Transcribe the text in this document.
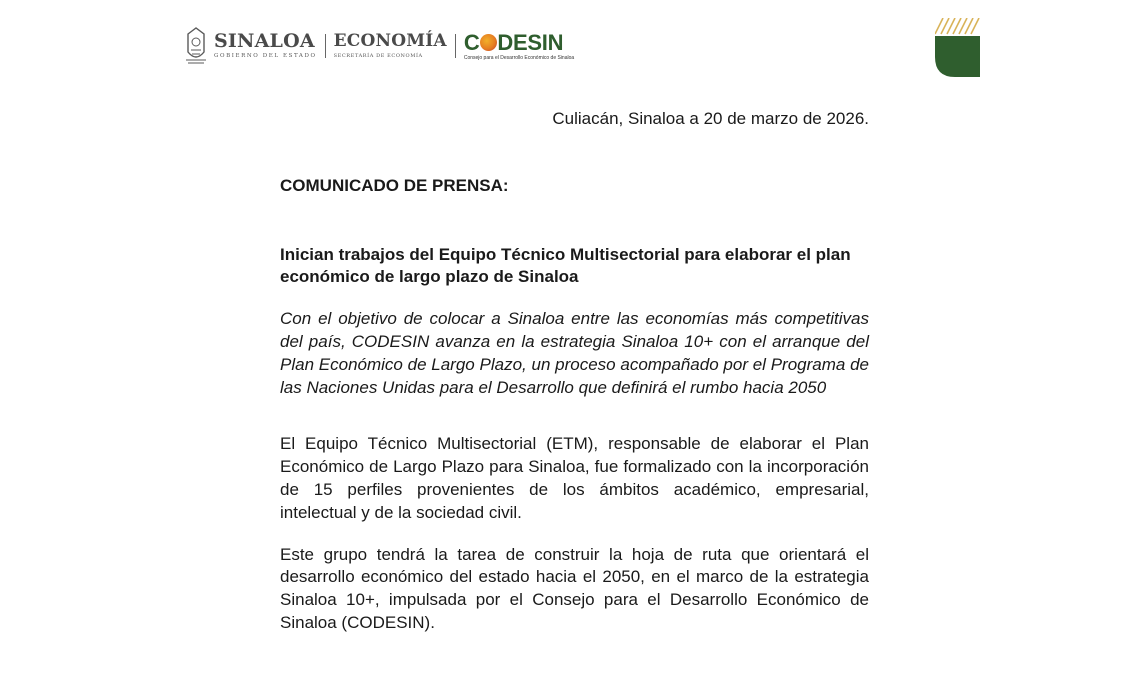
SINALOA
GOBIERNO DEL ESTADO
ECONOMÍA
SECRETARÍA DE ECONOMÍA
C DESIN
Consejo para el Desarrollo Económico de Sinaloa

Culiacán, Sinaloa a 20 de marzo de 2026.

COMUNICADO DE PRENSA:

Inician trabajos del Equipo Técnico Multisectorial para elaborar el plan económico de largo plazo de Sinaloa

Con el objetivo de colocar a Sinaloa entre las economías más competitivas del país, CODESIN avanza en la estrategia Sinaloa 10+ con el arranque del Plan Económico de Largo Plazo, un proceso acompañado por el Programa de las Naciones Unidas para el Desarrollo que definirá el rumbo hacia 2050

El Equipo Técnico Multisectorial (ETM), responsable de elaborar el Plan Económico de Largo Plazo para Sinaloa, fue formalizado con la incorporación de 15 perfiles provenientes de los ámbitos académico, empresarial, intelectual y de la sociedad civil.

Este grupo tendrá la tarea de construir la hoja de ruta que orientará el desarrollo económico del estado hacia el 2050, en el marco de la estrategia Sinaloa 10+, impulsada por el Consejo para el Desarrollo Económico de Sinaloa (CODESIN).
